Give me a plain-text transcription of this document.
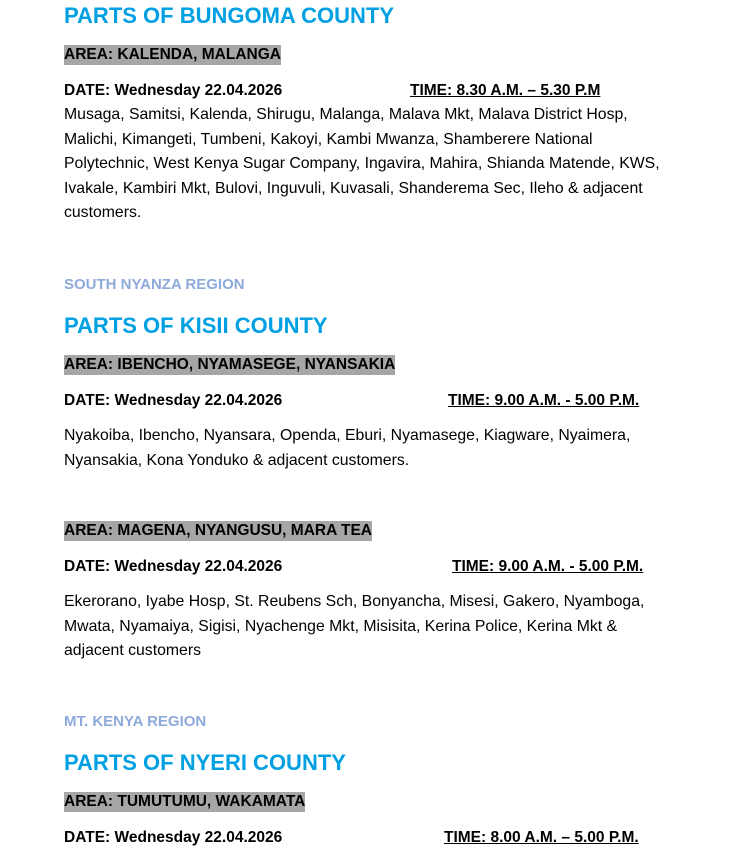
PARTS OF BUNGOMA COUNTY
AREA: KALENDA, MALANGA
DATE: Wednesday 22.04.2026	TIME: 8.30 A.M. – 5.30 P.M

Musaga, Samitsi, Kalenda, Shirugu, Malanga, Malava Mkt, Malava District Hosp, Malichi, Kimangeti, Tumbeni, Kakoyi, Kambi Mwanza, Shamberere National Polytechnic, West Kenya Sugar Company, Ingavira, Mahira, Shianda Matende, KWS, Ivakale, Kambiri Mkt, Bulovi, Inguvuli, Kuvasali, Shanderema Sec, Ileho & adjacent customers.

SOUTH NYANZA REGION
PARTS OF KISII COUNTY
AREA: IBENCHO, NYAMASEGE, NYANSAKIA
DATE: Wednesday 22.04.2026	TIME: 9.00 A.M. - 5.00 P.M.

Nyakoiba, Ibencho, Nyansara, Openda, Eburi, Nyamasege, Kiagware, Nyaimera, Nyansakia, Kona Yonduko & adjacent customers.

AREA: MAGENA, NYANGUSU, MARA TEA
DATE: Wednesday 22.04.2026	TIME: 9.00 A.M. - 5.00 P.M.

Ekerorano, Iyabe Hosp, St. Reubens Sch, Bonyancha, Misesi, Gakero, Nyamboga, Mwata, Nyamaiya, Sigisi, Nyachenge Mkt, Misisita, Kerina Police, Kerina Mkt & adjacent customers

MT. KENYA REGION
PARTS OF NYERI COUNTY
AREA: TUMUTUMU, WAKAMATA
DATE: Wednesday 22.04.2026	TIME: 8.00 A.M. – 5.00 P.M.
